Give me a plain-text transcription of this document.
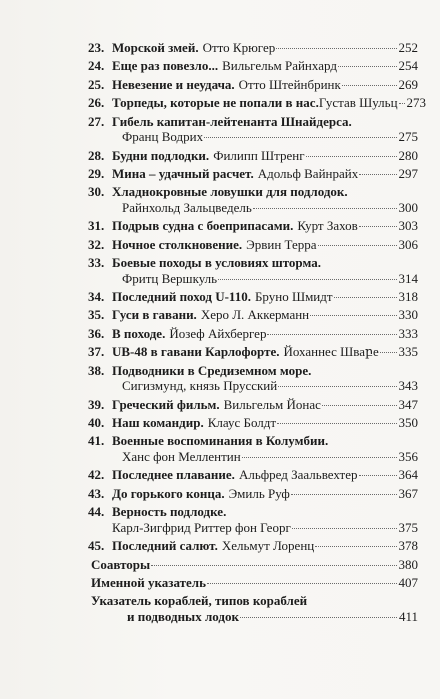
23. Морской змей. Отто Крюгер	252
24. Еще раз повезло... Вильгельм Райнхард	254
25. Невезение и неудача. Отто Штейнбринк	269
26. Торпеды, которые не попали в нас. Густав Шульц 273
27. Гибель капитан-лейтенанта Шнайдерса.
Франц Водрих	275
28. Будни подлодки. Филипп Штренг	280
29. Мина – удачный расчет. Адольф Вайнрайх	297
30. Хладнокровные ловушки для подлодок.
Райнхольд Зальцведель	300
31. Подрыв судна с боеприпасами. Курт Захов	303
32. Ночное столкновение. Эрвин Терра	306
33. Боевые походы в условиях шторма.
Фритц Вершкуль	314
34. Последний поход U-110. Бруно Шмидт	318
35. Гуси в гавани. Херо Л. Аккерманн	330
36. В походе. Йозеф Айхбергер	333
37. UB-48 в гавани Карлофорте. Йоханнес Шваբе 335
38. Подводники в Средиземном море.
Сигизмунд, князь Прусский	343
39. Греческий фильм. Вильгельм Йонас	347
40. Наш командир. Клаус Болдт	350
41. Военные воспоминания в Колумбии.
Ханс фон Меллентин	356
42. Последнее плавание. Альфред Заальвехтер	364
43. До горького конца. Эмиль Руф	367
44. Верность подлодке.
Карл-Зигфрид Риттер фон Георг	375
45. Последний салют. Хельмут Лоренц	378
Соавторы	380
Именной указатель	407
Указатель кораблей, типов кораблей
и подводных лодок	411
